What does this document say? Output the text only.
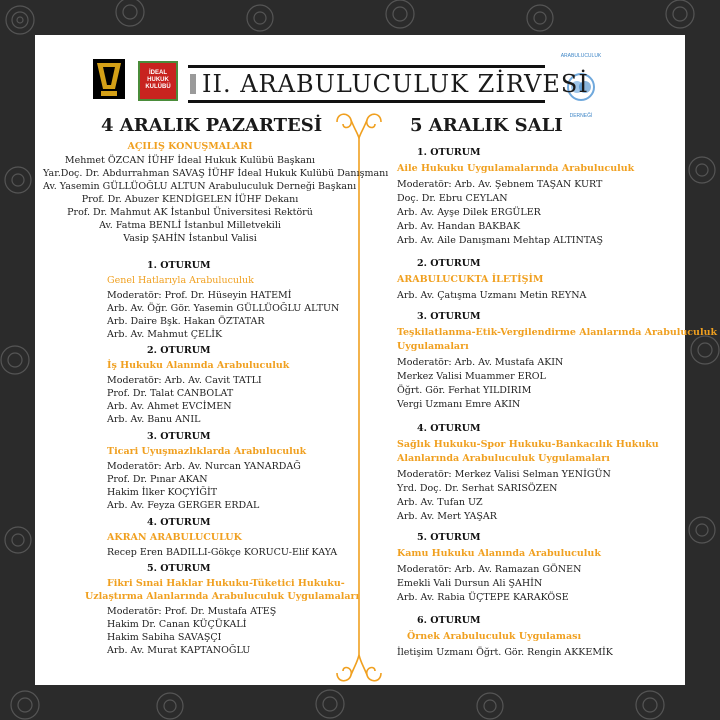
İDEAL
HUKUK
KULÜBÜ
ARABULUCULUK
DERNEĞİ
II. ARABULUCULUK ZİRVESİ
4 ARALIK PAZARTESİ	5 ARALIK SALI
AÇILIŞ KONUŞMALARI
Mehmet ÖZCAN İÜHF İdeal Hukuk Kulübü Başkanı
Yar.Doç. Dr. Abdurrahman SAVAŞ İÜHF İdeal Hukuk Kulübü Danışmanı
Av. Yasemin GÜLLÜOĞLU ALTUN Arabuluculuk Derneği Başkanı
Prof. Dr. Abuzer KENDİGELEN İÜHF Dekanı
Prof. Dr. Mahmut AK İstanbul Üniversitesi Rektörü
Av. Fatma BENLİ İstanbul Milletvekili
Vasip ŞAHİN İstanbul Valisi
1. OTURUM
Genel Hatlarıyla Arabuluculuk
Moderatör: Prof. Dr. Hüseyin HATEMİ
Arb. Av. Öğr. Gör. Yasemin GÜLLÜOĞLU ALTUN
Arb. Daire Bşk. Hakan ÖZTATAR
Arb. Av. Mahmut ÇELİK
2. OTURUM
İş Hukuku Alanında Arabuluculuk
Moderatör: Arb. Av. Cavit TATLI
Prof. Dr. Talat CANBOLAT
Arb. Av. Ahmet EVCİMEN
Arb. Av. Banu ANIL
3. OTURUM
Ticari Uyuşmazlıklarda Arabuluculuk
Moderatör: Arb. Av. Nurcan YANARDAĞ
Prof. Dr. Pınar AKAN
Hakim İlker KOÇYİĞİT
Arb. Av. Feyza GERGER ERDAL
4. OTURUM
AKRAN ARABULUCULUK
Recep Eren BADILLI-Gökçe KORUCU-Elif KAYA
5. OTURUM
Fikri Sınai Haklar Hukuku-Tüketici Hukuku-
Uzlaştırma Alanlarında Arabuluculuk Uygulamaları
Moderatör: Prof. Dr. Mustafa ATEŞ
Hakim Dr. Canan KÜÇÜKALİ
Hakim Sabiha SAVAŞÇI
Arb. Av. Murat KAPTANOĞLU
1. OTURUM
Aile Hukuku Uygulamalarında Arabuluculuk
Moderatör: Arb. Av. Şebnem TAŞAN KURT
Doç. Dr. Ebru CEYLAN
Arb. Av. Ayşe Dilek ERGÜLER
Arb. Av. Handan BAKBAK
Arb. Av. Aile Danışmanı Mehtap ALTINTAŞ
2. OTURUM
ARABULUCUKTA İLETİŞİM
Arb. Av. Çatışma Uzmanı Metin REYNA
3. OTURUM
Teşkilatlanma-Etik-Vergilendirme Alanlarında Arabuluculuk
Uygulamaları
Moderatör: Arb. Av. Mustafa AKIN
Merkez Valisi Muammer EROL
Öğrt. Gör. Ferhat YILDIRIM
Vergi Uzmanı Emre AKIN
4. OTURUM
Sağlık Hukuku-Spor Hukuku-Bankacılık Hukuku
Alanlarında Arabuluculuk Uygulamaları
Moderatör: Merkez Valisi Selman YENİGÜN
Yrd. Doç. Dr. Serhat SARISÖZEN
Arb. Av. Tufan UZ
Arb. Av. Mert YAŞAR
5. OTURUM
Kamu Hukuku Alanında Arabuluculuk
Moderatör: Arb. Av. Ramazan GÖNEN
Emekli Vali Dursun Ali ŞAHİN
Arb. Av. Rabia ÜÇTEPE KARAKÖSE
6. OTURUM
Örnek Arabuluculuk Uygulaması
İletişim Uzmanı Öğrt. Gör. Rengin AKKEMİK
